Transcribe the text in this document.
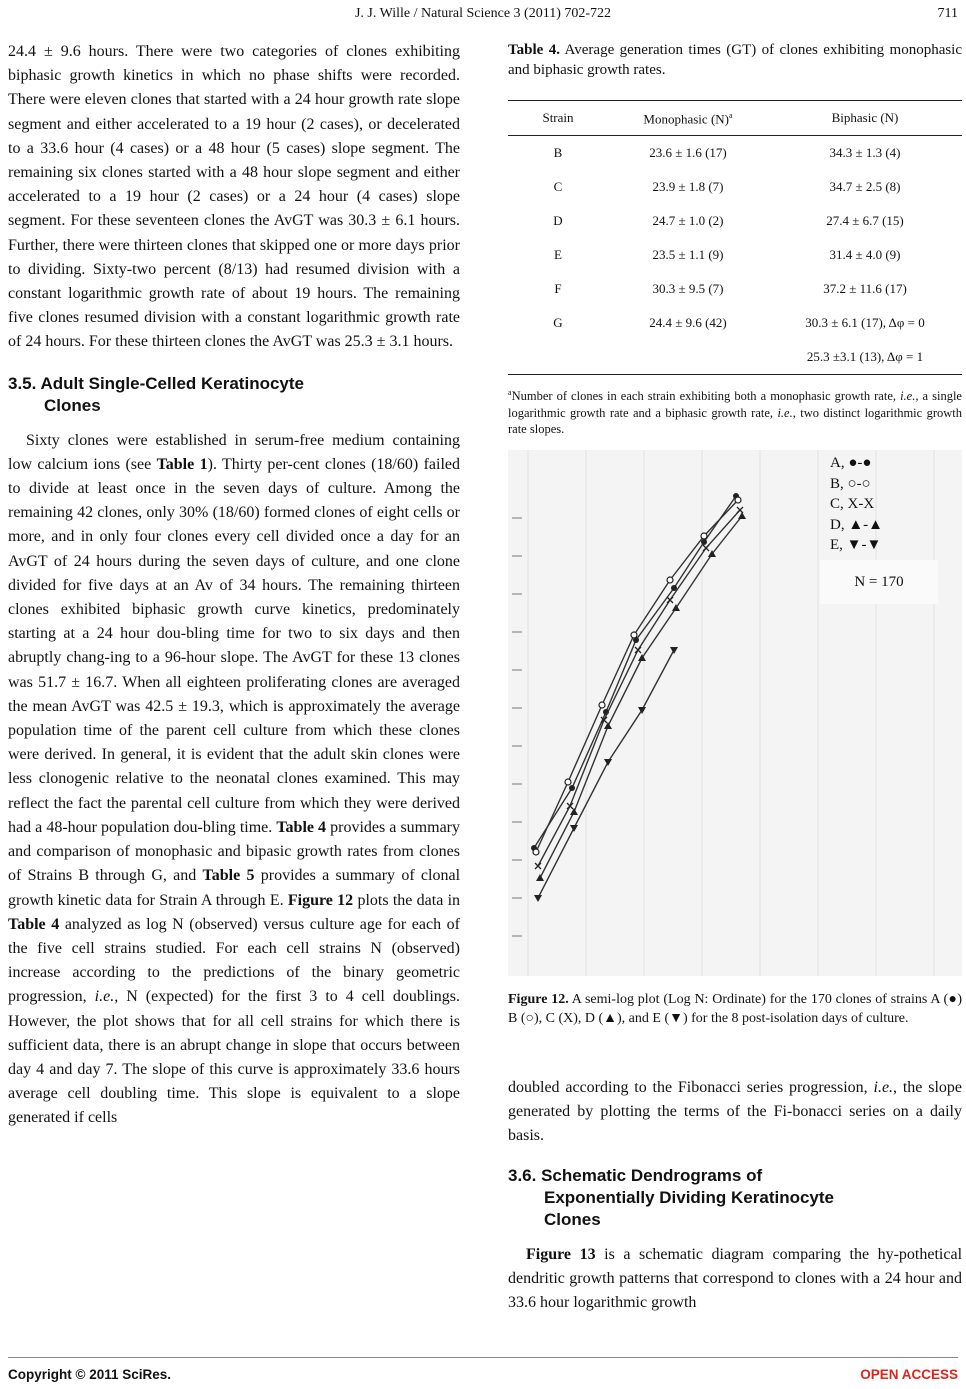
J. J. Wille / Natural Science 3 (2011) 702-722	711

24.4 ± 9.6 hours. There were two categories of clones exhibiting biphasic growth kinetics in which no phase shifts were recorded. There were eleven clones that started with a 24 hour growth rate slope segment and either accelerated to a 19 hour (2 cases), or decelerated to a 33.6 hour (4 cases) or a 48 hour (5 cases) slope segment. The remaining six clones started with a 48 hour slope segment and either accelerated to a 19 hour (2 cases) or a 24 hour (4 cases) slope segment. For these seventeen clones the AvGT was 30.3 ± 6.1 hours. Further, there were thirteen clones that skipped one or more days prior to dividing. Sixty-two percent (8/13) had resumed division with a constant logarithmic growth rate of about 19 hours. The remaining five clones resumed division with a constant logarithmic growth rate of 24 hours. For these thirteen clones the AvGT was 25.3 ± 3.1 hours.

3.5. Adult Single-Celled Keratinocyte
Clones

Sixty clones were established in serum-free medium containing low calcium ions (see Table 1). Thirty per-cent clones (18/60) failed to divide at least once in the seven days of culture. Among the remaining 42 clones, only 30% (18/60) formed clones of eight cells or more, and in only four clones every cell divided once a day for an AvGT of 24 hours during the seven days of culture, and one clone divided for five days at an Av of 34 hours. The remaining thirteen clones exhibited biphasic growth curve kinetics, predominately starting at a 24 hour dou-bling time for two to six days and then abruptly chang-ing to a 96-hour slope. The AvGT for these 13 clones was 51.7 ± 16.7. When all eighteen proliferating clones are averaged the mean AvGT was 42.5 ± 19.3, which is approximately the average population time of the parent cell culture from which these clones were derived. In general, it is evident that the adult skin clones were less clonogenic relative to the neonatal clones examined. This may reflect the fact the parental cell culture from which they were derived had a 48-hour population dou-bling time. Table 4 provides a summary and comparison of monophasic and bipasic growth rates from clones of Strains B through G, and Table 5 provides a summary of clonal growth kinetic data for Strain A through E. Figure 12 plots the data in Table 4 analyzed as log N (observed) versus culture age for each of the five cell strains studied. For each cell strains N (observed) increase according to the predictions of the binary geometric progression, i.e., N (expected) for the first 3 to 4 cell doublings. However, the plot shows that for all cell strains for which there is sufficient data, there is an abrupt change in slope that occurs between day 4 and day 7. The slope of this curve is approximately 33.6 hours average cell doubling time. This slope is equivalent to a slope generated if cells

Table 4. Average generation times (GT) of clones exhibiting monophasic and biphasic growth rates.
Strain	Monophasic $(N)^a$	Biphasic (N)
B	23.6 ± 1.6 (17)	34.3 ± 1.3 (4)
C	23.9 ± 1.8 (7)	34.7 ± 2.5 (8)
D	24.7 ± 1.0 (2)	27.4 ± 6.7 (15)
E	23.5 ± 1.1 (9)	31.4 ± 4.0 (9)
F	30.3 ± 9.5 (7)	37.2 ± 11.6 (17)
G	24.4 ± 9.6 (42)	30.3 ± 6.1 (17), Δφ = 0
		25.3 ±3.1 (13), Δφ = 1
$^a$Number of clones in each strain exhibiting both a monophasic growth rate, i.e., a single logarithmic growth rate and a biphasic growth rate, i.e., two distinct logarithmic growth rate slopes.
A, ●-●
B, ○-○
C, X-X
D, ▲-▲
E, ▼-▼
N = 170
Figure 12. A semi-log plot (Log N: Ordinate) for the 170 clones of strains A (●) B (○), C (X), D (▲), and E (▼) for the 8 post-isolation days of culture.

doubled according to the Fibonacci series progression, i.e., the slope generated by plotting the terms of the Fi-bonacci series on a daily basis.

3.6. Schematic Dendrograms of
Exponentially Dividing Keratinocyte
Clones

Figure 13 is a schematic diagram comparing the hy-pothetical dendritic growth patterns that correspond to clones with a 24 hour and 33.6 hour logarithmic growth

Copyright © 2011 SciRes.	OPEN ACCESS
